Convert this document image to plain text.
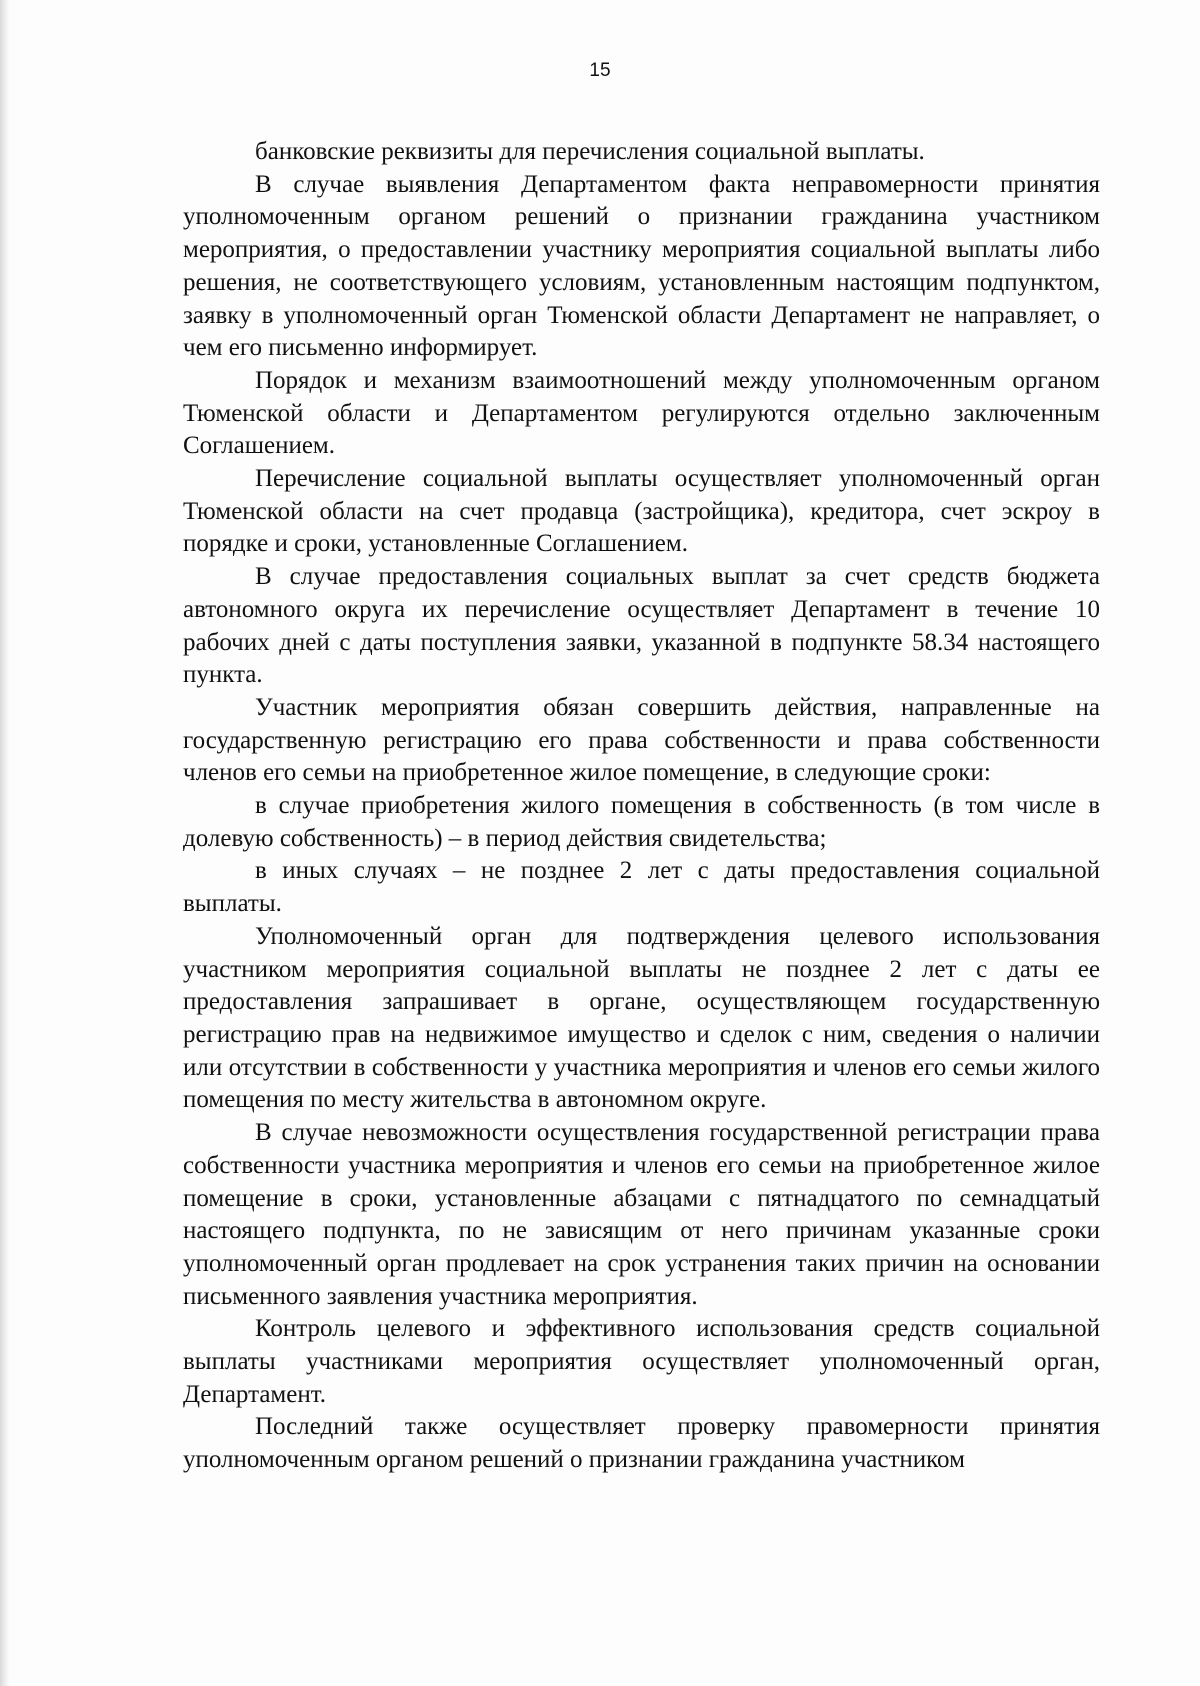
15

банковские реквизиты для перечисления социальной выплаты.

В случае выявления Департаментом факта неправомерности принятия уполномоченным органом решений о признании гражданина участником мероприятия, о предоставлении участнику мероприятия социальной выплаты либо решения, не соответствующего условиям, установленным настоящим подпунктом, заявку в уполномоченный орган Тюменской области Департамент не направляет, о чем его письменно информирует.

Порядок и механизм взаимоотношений между уполномоченным органом Тюменской области и Департаментом регулируются отдельно заключенным Соглашением.

Перечисление социальной выплаты осуществляет уполномоченный орган Тюменской области на счет продавца (застройщика), кредитора, счет эскроу в порядке и сроки, установленные Соглашением.

В случае предоставления социальных выплат за счет средств бюджета автономного округа их перечисление осуществляет Департамент в течение 10 рабочих дней с даты поступления заявки, указанной в подпункте 58.34 настоящего пункта.

Участник мероприятия обязан совершить действия, направленные на государственную регистрацию его права собственности и права собственности членов его семьи на приобретенное жилое помещение, в следующие сроки:

в случае приобретения жилого помещения в собственность (в том числе в долевую собственность) – в период действия свидетельства;

в иных случаях – не позднее 2 лет с даты предоставления социальной выплаты.

Уполномоченный орган для подтверждения целевого использования участником мероприятия социальной выплаты не позднее 2 лет с даты ее предоставления запрашивает в органе, осуществляющем государственную регистрацию прав на недвижимое имущество и сделок с ним, сведения о наличии или отсутствии в собственности у участника мероприятия и членов его семьи жилого помещения по месту жительства в автономном округе.

В случае невозможности осуществления государственной регистрации права собственности участника мероприятия и членов его семьи на приобретенное жилое помещение в сроки, установленные абзацами с пятнадцатого по семнадцатый настоящего подпункта, по не зависящим от него причинам указанные сроки уполномоченный орган продлевает на срок устранения таких причин на основании письменного заявления участника мероприятия.

Контроль целевого и эффективного использования средств социальной выплаты участниками мероприятия осуществляет уполномоченный орган, Департамент.

Последний также осуществляет проверку правомерности принятия уполномоченным органом решений о признании гражданина участником
